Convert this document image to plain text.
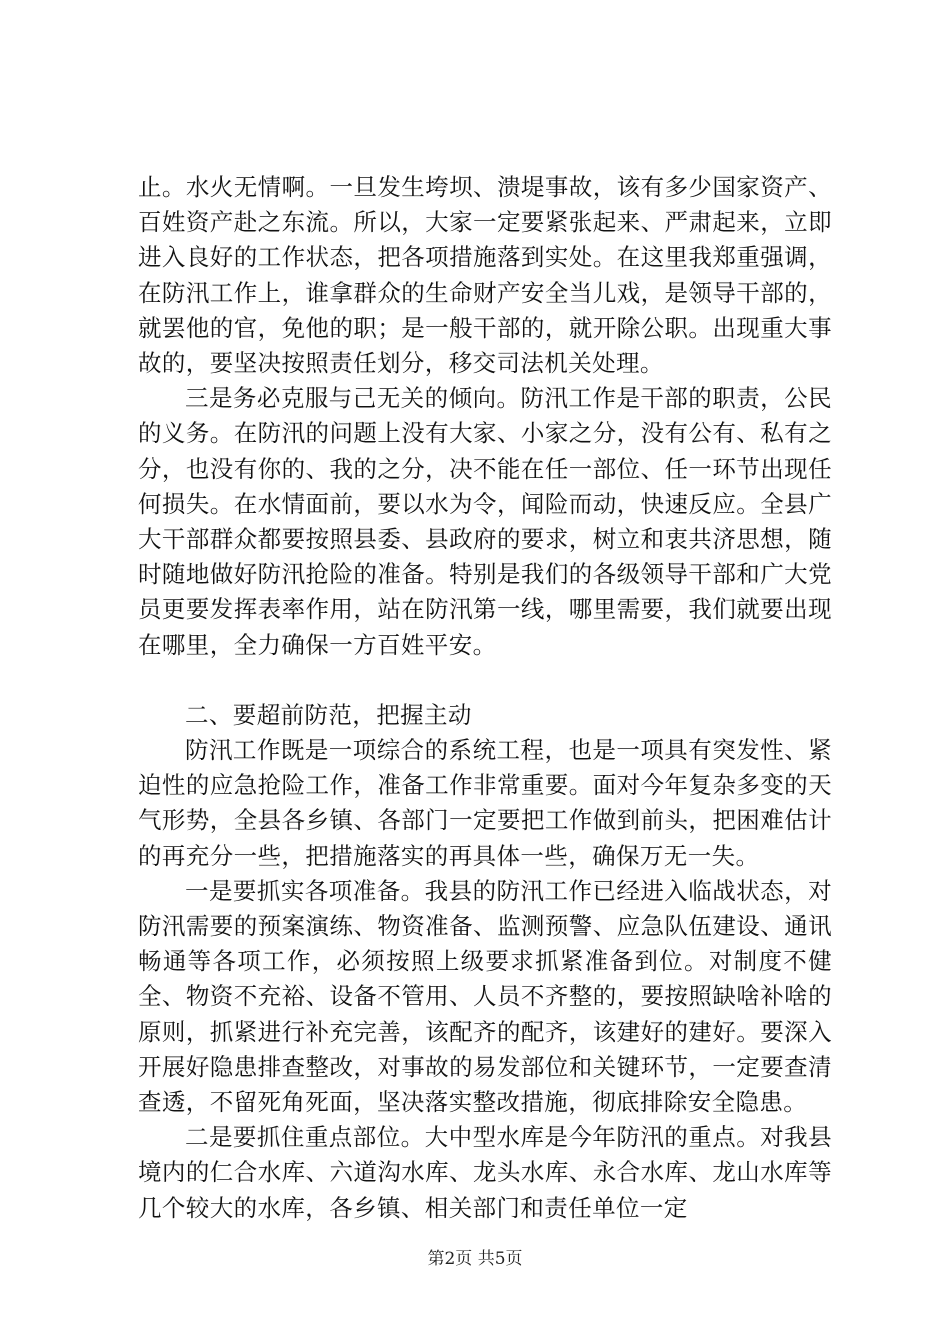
止。水火无情啊。一旦发生垮坝、溃堤事故，该有多少国家资产、百姓资产赴之东流。所以，大家一定要紧张起来、严肃起来，立即进入良好的工作状态，把各项措施落到实处。在这里我郑重强调，在防汛工作上，谁拿群众的生命财产安全当儿戏，是领导干部的，就罢他的官，免他的职；是一般干部的，就开除公职。出现重大事故的，要坚决按照责任划分，移交司法机关处理。

三是务必克服与己无关的倾向。防汛工作是干部的职责，公民的义务。在防汛的问题上没有大家、小家之分，没有公有、私有之分，也没有你的、我的之分，决不能在任一部位、任一环节出现任何损失。在水情面前，要以水为令，闻险而动，快速反应。全县广大干部群众都要按照县委、县政府的要求，树立和衷共济思想，随时随地做好防汛抢险的准备。特别是我们的各级领导干部和广大党员更要发挥表率作用，站在防汛第一线，哪里需要，我们就要出现在哪里，全力确保一方百姓平安。

二、要超前防范，把握主动

防汛工作既是一项综合的系统工程，也是一项具有突发性、紧迫性的应急抢险工作，准备工作非常重要。面对今年复杂多变的天气形势，全县各乡镇、各部门一定要把工作做到前头，把困难估计的再充分一些，把措施落实的再具体一些，确保万无一失。

一是要抓实各项准备。我县的防汛工作已经进入临战状态，对防汛需要的预案演练、物资准备、监测预警、应急队伍建设、通讯畅通等各项工作，必须按照上级要求抓紧准备到位。对制度不健全、物资不充裕、设备不管用、人员不齐整的，要按照缺啥补啥的原则，抓紧进行补充完善，该配齐的配齐，该建好的建好。要深入开展好隐患排查整改，对事故的易发部位和关键环节，一定要查清查透，不留死角死面，坚决落实整改措施，彻底排除安全隐患。

二是要抓住重点部位。大中型水库是今年防汛的重点。对我县境内的仁合水库、六道沟水库、龙头水库、永合水库、龙山水库等几个较大的水库，各乡镇、相关部门和责任单位一定

第2页 共5页
